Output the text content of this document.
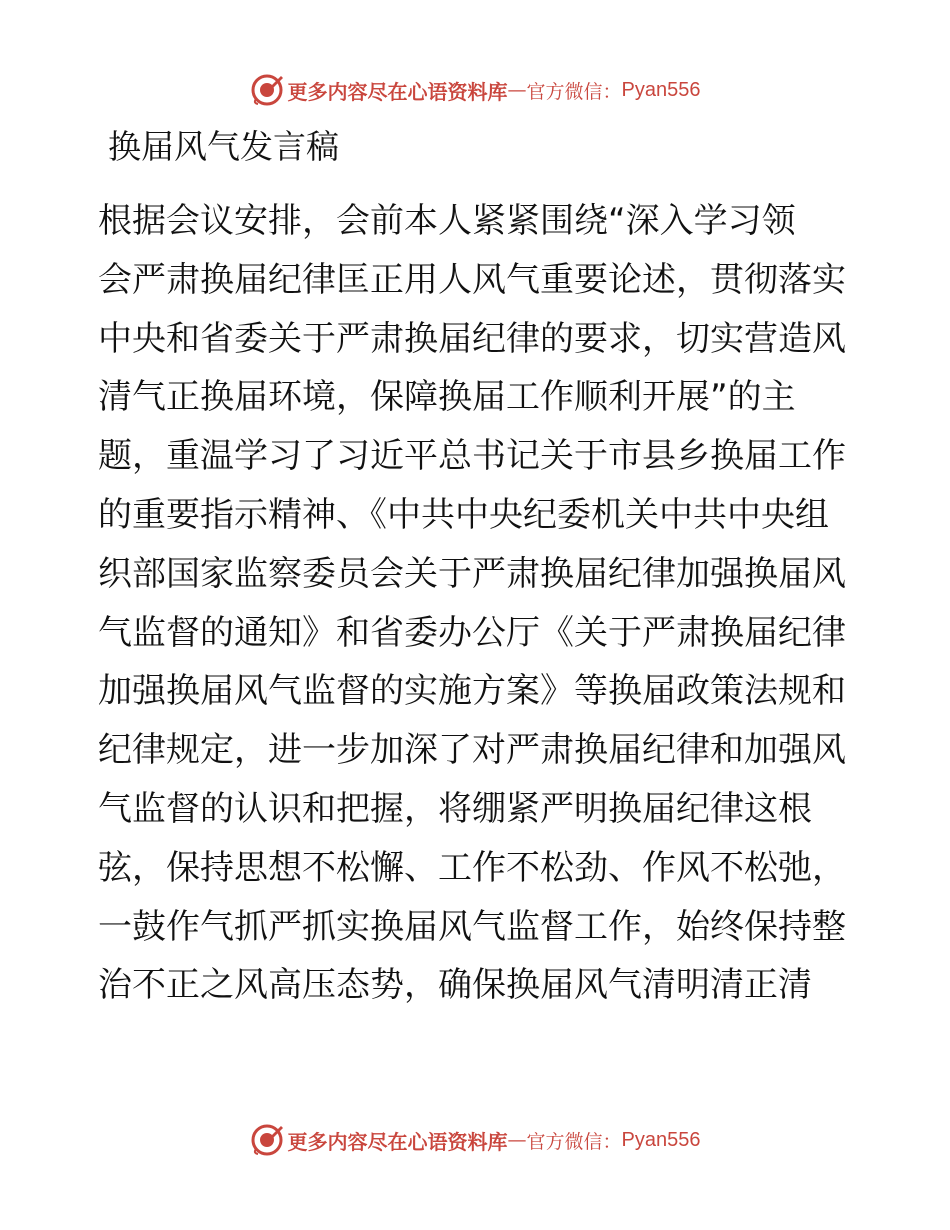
更多内容尽在心语资料库 — 官方微信： Pyan556
换届风气发言稿
根据会议安排，会前本人紧紧围绕“深入学习领
会严肃换届纪律匡正用人风气重要论述，贯彻落实
中央和省委关于严肃换届纪律的要求，切实营造风
清气正换届环境，保障换届工作顺利开展”的主
题，重温学习了习近平总书记关于市县乡换届工作
的重要指示精神、《中共中央纪委机关中共中央组
织部国家监察委员会关于严肃换届纪律加强换届风
气监督的通知》和省委办公厅《关于严肃换届纪律
加强换届风气监督的实施方案》等换届政策法规和
纪律规定，进一步加深了对严肃换届纪律和加强风
气监督的认识和把握，将绷紧严明换届纪律这根
弦，保持思想不松懈、工作不松劲、作风不松弛，
一鼓作气抓严抓实换届风气监督工作，始终保持整
治不正之风高压态势，确保换届风气清明清正清
更多内容尽在心语资料库 — 官方微信： Pyan556
